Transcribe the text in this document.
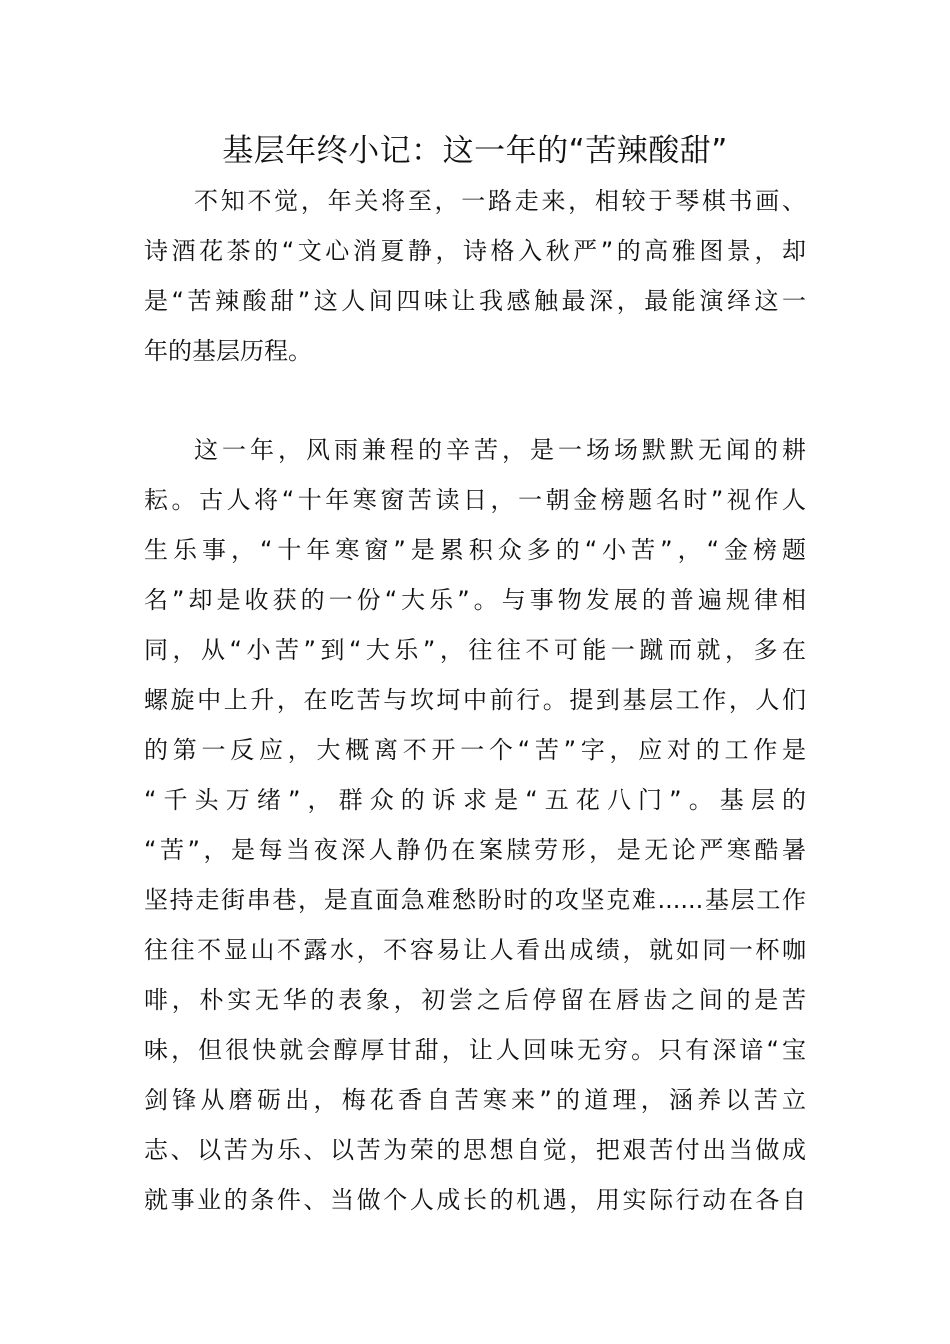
基层年终小记：这一年的“苦辣酸甜”
不知不觉，年关将至，一路走来，相较于琴棋书画、
诗酒花茶的“文心消夏静，诗格入秋严”的高雅图景，却
是“苦辣酸甜”这人间四味让我感触最深，最能演绎这一
年的基层历程。
这一年，风雨兼程的辛苦，是一场场默默无闻的耕
耘。古人将“十年寒窗苦读日，一朝金榜题名时”视作人
生乐事，“十年寒窗”是累积众多的“小苦”，“金榜题
名”却是收获的一份“大乐”。与事物发展的普遍规律相
同，从“小苦”到“大乐”，往往不可能一蹴而就，多在
螺旋中上升，在吃苦与坎坷中前行。提到基层工作，人们
的第一反应，大概离不开一个“苦”字，应对的工作是
“千头万绪”，群众的诉求是“五花八门”。基层的
“苦”，是每当夜深人静仍在案牍劳形，是无论严寒酷暑
坚持走街串巷，是直面急难愁盼时的攻坚克难......基层工作
往往不显山不露水，不容易让人看出成绩，就如同一杯咖
啡，朴实无华的表象，初尝之后停留在唇齿之间的是苦
味，但很快就会醇厚甘甜，让人回味无穷。只有深谙“宝
剑锋从磨砺出，梅花香自苦寒来”的道理，涵养以苦立
志、以苦为乐、以苦为荣的思想自觉，把艰苦付出当做成
就事业的条件、当做个人成长的机遇，用实际行动在各自
